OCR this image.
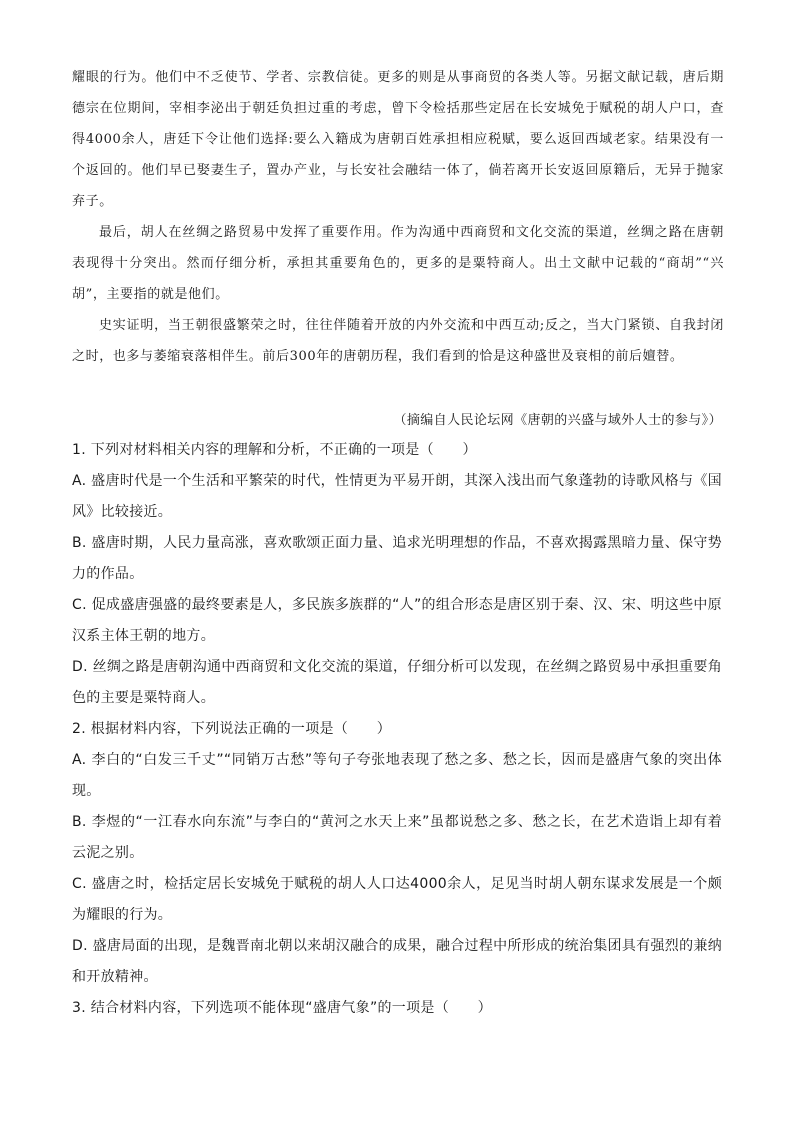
耀眼的行为。他们中不乏使节、学者、宗教信徒。更多的则是从事商贸的各类人等。另据文献记载，唐后期德宗在位期间，宰相李泌出于朝廷负担过重的考虑，曾下令检括那些定居在长安城免于赋税的胡人户口，查得4000余人，唐廷下令让他们选择:要么入籍成为唐朝百姓承担相应税赋，要么返回西域老家。结果没有一个返回的。他们早已娶妻生子，置办产业，与长安社会融结一体了，倘若离开长安返回原籍后，无异于抛家弃子。

最后，胡人在丝绸之路贸易中发挥了重要作用。作为沟通中西商贸和文化交流的渠道，丝绸之路在唐朝表现得十分突出。然而仔细分析，承担其重要角色的，更多的是粟特商人。出土文献中记载的“商胡”“兴胡”，主要指的就是他们。

史实证明，当王朝很盛繁荣之时，往往伴随着开放的内外交流和中西互动;反之，当大门紧锁、自我封闭之时，也多与萎缩衰落相伴生。前后300年的唐朝历程，我们看到的恰是这种盛世及衰相的前后嬗替。

（摘编自人民论坛网《唐朝的兴盛与域外人士的参与》）

1. 下列对材料相关内容的理解和分析，不正确的一项是（　　）

A. 盛唐时代是一个生活和平繁荣的时代，性情更为平易开朗，其深入浅出而气象蓬勃的诗歌风格与《国风》比较接近。

B. 盛唐时期，人民力量高涨，喜欢歌颂正面力量、追求光明理想的作品，不喜欢揭露黑暗力量、保守势力的作品。

C. 促成盛唐强盛的最终要素是人，多民族多族群的“人”的组合形态是唐区别于秦、汉、宋、明这些中原汉系主体王朝的地方。

D. 丝绸之路是唐朝沟通中西商贸和文化交流的渠道，仔细分析可以发现，在丝绸之路贸易中承担重要角色的主要是粟特商人。

2. 根据材料内容，下列说法正确的一项是（　　）

A. 李白的“白发三千丈”“同销万古愁”等句子夸张地表现了愁之多、愁之长，因而是盛唐气象的突出体现。

B. 李煜的“一江春水向东流”与李白的“黄河之水天上来”虽都说愁之多、愁之长，在艺术造诣上却有着云泥之别。

C. 盛唐之时，检括定居长安城免于赋税的胡人人口达4000余人，足见当时胡人朝东谋求发展是一个颇为耀眼的行为。

D. 盛唐局面的出现，是魏晋南北朝以来胡汉融合的成果，融合过程中所形成的统治集团具有强烈的兼纳和开放精神。

3. 结合材料内容，下列选项不能体现“盛唐气象”的一项是（　　）
